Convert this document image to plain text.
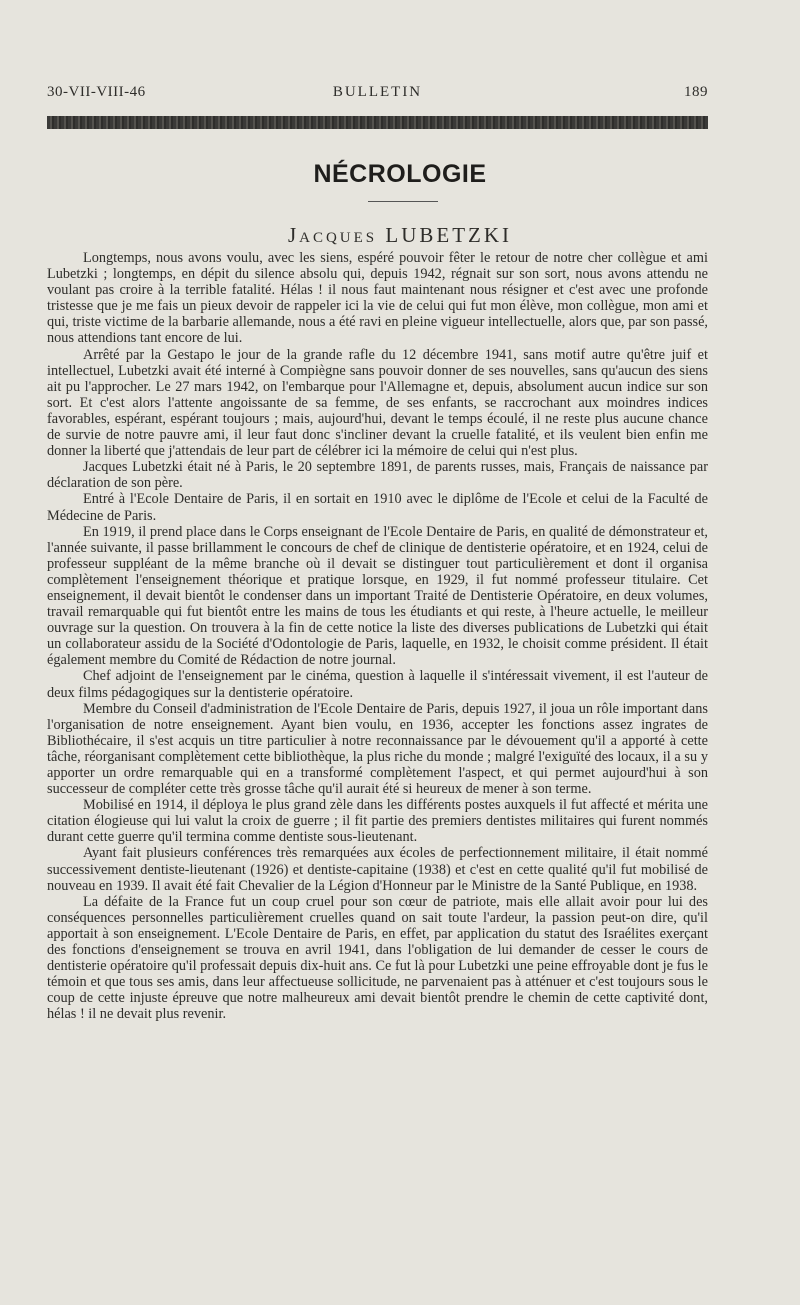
30-VII-VIII-46	BULLETIN	189
NÉCROLOGIE
Jacques LUBETZKI

Longtemps, nous avons voulu, avec les siens, espéré pouvoir fêter le retour de notre cher collègue et ami Lubetzki ; longtemps, en dépit du silence absolu qui, depuis 1942, régnait sur son sort, nous avons attendu ne voulant pas croire à la terrible fatalité. Hélas ! il nous faut maintenant nous résigner et c'est avec une profonde tristesse que je me fais un pieux devoir de rappeler ici la vie de celui qui fut mon élève, mon collègue, mon ami et qui, triste victime de la barbarie allemande, nous a été ravi en pleine vigueur intellectuelle, alors que, par son passé, nous attendions tant encore de lui.

Arrêté par la Gestapo le jour de la grande rafle du 12 décembre 1941, sans motif autre qu'être juif et intellectuel, Lubetzki avait été interné à Compiègne sans pouvoir donner de ses nouvelles, sans qu'aucun des siens ait pu l'approcher. Le 27 mars 1942, on l'embarque pour l'Allemagne et, depuis, absolument aucun indice sur son sort. Et c'est alors l'attente angoissante de sa femme, de ses enfants, se raccrochant aux moindres indices favorables, espérant, espérant toujours ; mais, aujourd'hui, devant le temps écoulé, il ne reste plus aucune chance de survie de notre pauvre ami, il leur faut donc s'incliner devant la cruelle fatalité, et ils veulent bien enfin me donner la liberté que j'attendais de leur part de célébrer ici la mémoire de celui qui n'est plus.

Jacques Lubetzki était né à Paris, le 20 septembre 1891, de parents russes, mais, Français de naissance par déclaration de son père.

Entré à l'Ecole Dentaire de Paris, il en sortait en 1910 avec le diplôme de l'Ecole et celui de la Faculté de Médecine de Paris.

En 1919, il prend place dans le Corps enseignant de l'Ecole Dentaire de Paris, en qualité de démonstrateur et, l'année suivante, il passe brillamment le concours de chef de clinique de dentisterie opératoire, et en 1924, celui de professeur suppléant de la même branche où il devait se distinguer tout particulièrement et dont il organisa complètement l'enseignement théorique et pratique lorsque, en 1929, il fut nommé professeur titulaire. Cet enseignement, il devait bientôt le condenser dans un important Traité de Dentisterie Opératoire, en deux volumes, travail remarquable qui fut bientôt entre les mains de tous les étudiants et qui reste, à l'heure actuelle, le meilleur ouvrage sur la question. On trouvera à la fin de cette notice la liste des diverses publications de Lubetzki qui était un collaborateur assidu de la Société d'Odontologie de Paris, laquelle, en 1932, le choisit comme président. Il était également membre du Comité de Rédaction de notre journal.

Chef adjoint de l'enseignement par le cinéma, question à laquelle il s'intéressait vivement, il est l'auteur de deux films pédagogiques sur la dentisterie opératoire.

Membre du Conseil d'administration de l'Ecole Dentaire de Paris, depuis 1927, il joua un rôle important dans l'organisation de notre enseignement. Ayant bien voulu, en 1936, accepter les fonctions assez ingrates de Bibliothécaire, il s'est acquis un titre particulier à notre reconnaissance par le dévouement qu'il a apporté à cette tâche, réorganisant complètement cette bibliothèque, la plus riche du monde ; malgré l'exiguïté des locaux, il a su y apporter un ordre remarquable qui en a transformé complètement l'aspect, et qui permet aujourd'hui à son successeur de compléter cette très grosse tâche qu'il aurait été si heureux de mener à son terme.

Mobilisé en 1914, il déploya le plus grand zèle dans les différents postes auxquels il fut affecté et mérita une citation élogieuse qui lui valut la croix de guerre ; il fit partie des premiers dentistes militaires qui furent nommés durant cette guerre qu'il termina comme dentiste sous-lieutenant.

Ayant fait plusieurs conférences très remarquées aux écoles de perfectionnement militaire, il était nommé successivement dentiste-lieutenant (1926) et dentiste-capitaine (1938) et c'est en cette qualité qu'il fut mobilisé de nouveau en 1939. Il avait été fait Chevalier de la Légion d'Honneur par le Ministre de la Santé Publique, en 1938.

La défaite de la France fut un coup cruel pour son cœur de patriote, mais elle allait avoir pour lui des conséquences personnelles particulièrement cruelles quand on sait toute l'ardeur, la passion peut-on dire, qu'il apportait à son enseignement. L'Ecole Dentaire de Paris, en effet, par application du statut des Israélites exerçant des fonctions d'enseignement se trouva en avril 1941, dans l'obligation de lui demander de cesser le cours de dentisterie opératoire qu'il professait depuis dix-huit ans. Ce fut là pour Lubetzki une peine effroyable dont je fus le témoin et que tous ses amis, dans leur affectueuse sollicitude, ne parvenaient pas à atténuer et c'est toujours sous le coup de cette injuste épreuve que notre malheureux ami devait bientôt prendre le chemin de cette captivité dont, hélas ! il ne devait plus revenir.
